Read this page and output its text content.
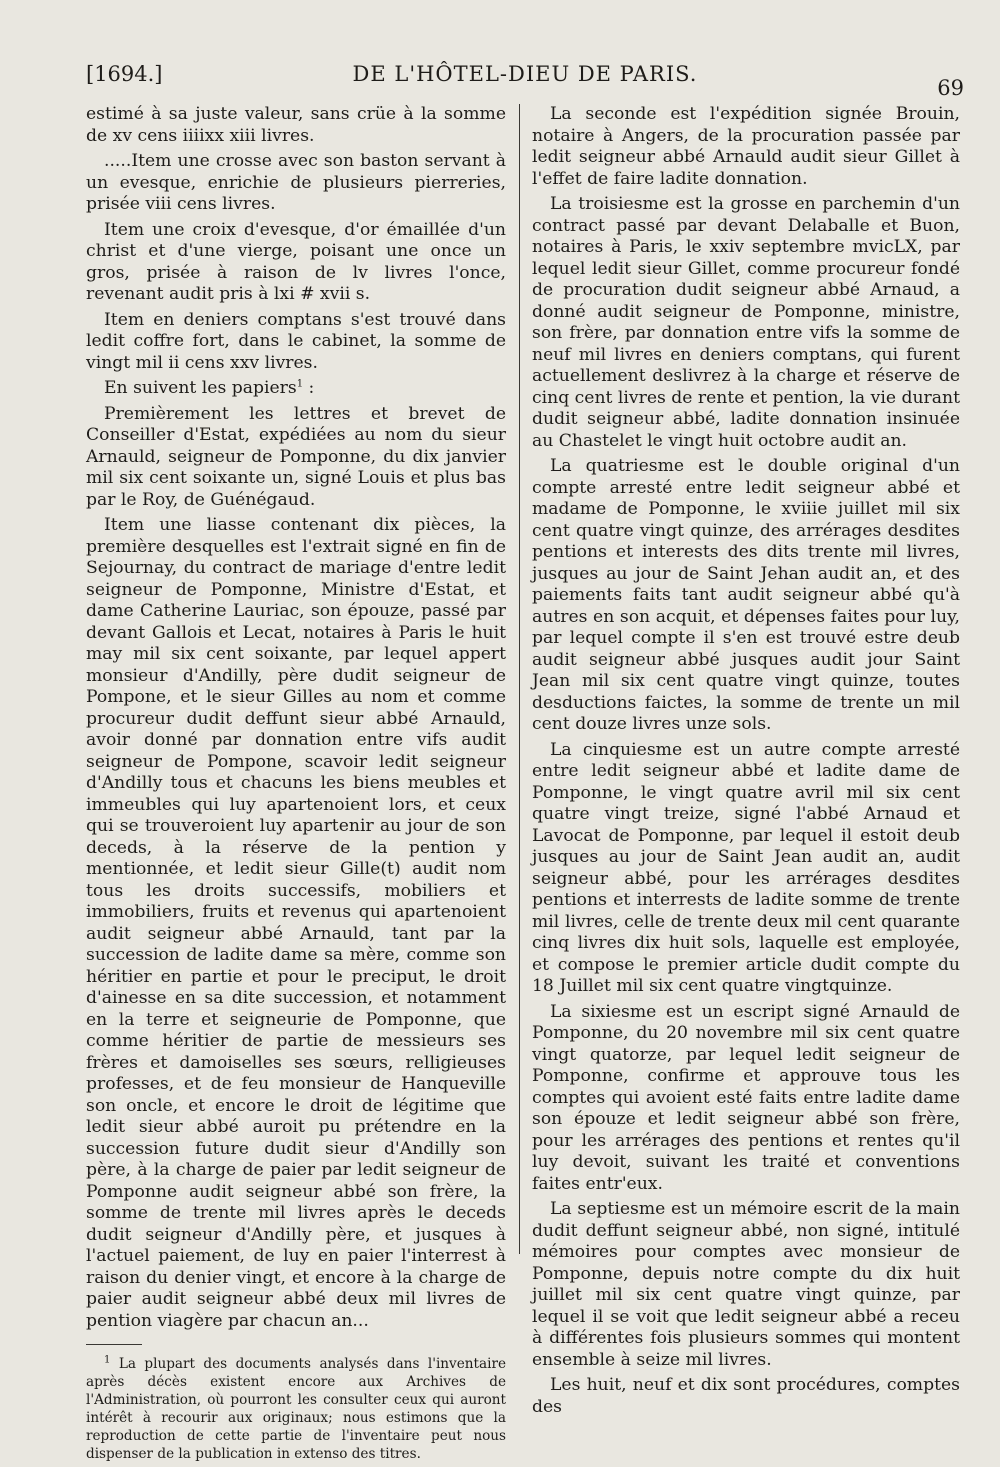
[1694.]	DE L'HÔTEL-DIEU DE PARIS.
69

estimé à sa juste valeur, sans crüe à la somme de xv cens iiiixx xiii livres.

.....Item une crosse avec son baston servant à un evesque, enrichie de plusieurs pierreries, prisée viii cens livres.

Item une croix d'evesque, d'or émaillée d'un christ et d'une vierge, poisant une once un gros, prisée à raison de lv livres l'once, revenant audit pris à lxi # xvii s.

Item en deniers comptans s'est trouvé dans ledit coffre fort, dans le cabinet, la somme de vingt mil ii cens xxv livres.

En suivent les papiers$^1$ :

Premièrement les lettres et brevet de Conseiller d'Estat, expédiées au nom du sieur Arnauld, seigneur de Pomponne, du dix janvier mil six cent soixante un, signé Louis et plus bas par le Roy, de Guénégaud.

Item une liasse contenant dix pièces, la première desquelles est l'extrait signé en fin de Sejournay, du contract de mariage d'entre ledit seigneur de Pomponne, Ministre d'Estat, et dame Catherine Lauriac, son épouze, passé par devant Gallois et Lecat, notaires à Paris le huit may mil six cent soixante, par lequel appert monsieur d'Andilly, père dudit seigneur de Pompone, et le sieur Gilles au nom et comme procureur dudit deffunt sieur abbé Arnauld, avoir donné par donnation entre vifs audit seigneur de Pompone, scavoir ledit seigneur d'Andilly tous et chacuns les biens meubles et immeubles qui luy apartenoient lors, et ceux qui se trouveroient luy apartenir au jour de son deceds, à la réserve de la pention y mentionnée, et ledit sieur Gille(t) audit nom tous les droits successifs, mobiliers et immobiliers, fruits et revenus qui apartenoient audit seigneur abbé Arnauld, tant par la succession de ladite dame sa mère, comme son héritier en partie et pour le preciput, le droit d'ainesse en sa dite succession, et notamment en la terre et seigneurie de Pomponne, que comme héritier de partie de messieurs ses frères et damoiselles ses sœurs, relligieuses professes, et de feu monsieur de Hanqueville son oncle, et encore le droit de légitime que ledit sieur abbé auroit pu prétendre en la succession future dudit sieur d'Andilly son père, à la charge de paier par ledit seigneur de Pomponne audit seigneur abbé son frère, la somme de trente mil livres après le deceds dudit seigneur d'Andilly père, et jusques à l'actuel paiement, de luy en paier l'interrest à raison du denier vingt, et encore à la charge de paier audit seigneur abbé deux mil livres de pention viagère par chacun an...

$^1$ La plupart des documents analysés dans l'inventaire après décès existent encore aux Archives de l'Administration, où pourront les consulter ceux qui auront intérêt à recourir aux originaux; nous estimons que la reproduction de cette partie de l'inventaire peut nous dispenser de la publication in extenso des titres.

La seconde est l'expédition signée Brouin, notaire à Angers, de la procuration passée par ledit seigneur abbé Arnauld audit sieur Gillet à l'effet de faire ladite donnation.

La troisiesme est la grosse en parchemin d'un contract passé par devant Delaballe et Buon, notaires à Paris, le xxiv septembre mvicLX, par lequel ledit sieur Gillet, comme procureur fondé de procuration dudit seigneur abbé Arnaud, a donné audit seigneur de Pomponne, ministre, son frère, par donnation entre vifs la somme de neuf mil livres en deniers comptans, qui furent actuellement deslivrez à la charge et réserve de cinq cent livres de rente et pention, la vie durant dudit seigneur abbé, ladite donnation insinuée au Chastelet le vingt huit octobre audit an.

La quatriesme est le double original d'un compte arresté entre ledit seigneur abbé et madame de Pomponne, le xviiie juillet mil six cent quatre vingt quinze, des arrérages desdites pentions et interests des dits trente mil livres, jusques au jour de Saint Jehan audit an, et des paiements faits tant audit seigneur abbé qu'à autres en son acquit, et dépenses faites pour luy, par lequel compte il s'en est trouvé estre deub audit seigneur abbé jusques audit jour Saint Jean mil six cent quatre vingt quinze, toutes desductions faictes, la somme de trente un mil cent douze livres unze sols.

La cinquiesme est un autre compte arresté entre ledit seigneur abbé et ladite dame de Pomponne, le vingt quatre avril mil six cent quatre vingt treize, signé l'abbé Arnaud et Lavocat de Pomponne, par lequel il estoit deub jusques au jour de Saint Jean audit an, audit seigneur abbé, pour les arrérages desdites pentions et interrests de ladite somme de trente mil livres, celle de trente deux mil cent quarante cinq livres dix huit sols, laquelle est employée, et compose le premier article dudit compte du 18 Juillet mil six cent quatre vingtquinze.

La sixiesme est un escript signé Arnauld de Pomponne, du 20 novembre mil six cent quatre vingt quatorze, par lequel ledit seigneur de Pomponne, confirme et approuve tous les comptes qui avoient esté faits entre ladite dame son épouze et ledit seigneur abbé son frère, pour les arrérages des pentions et rentes qu'il luy devoit, suivant les traité et conventions faites entr'eux.

La septiesme est un mémoire escrit de la main dudit deffunt seigneur abbé, non signé, intitulé mémoires pour comptes avec monsieur de Pomponne, depuis notre compte du dix huit juillet mil six cent quatre vingt quinze, par lequel il se voit que ledit seigneur abbé a receu à différentes fois plusieurs sommes qui montent ensemble à seize mil livres.

Les huit, neuf et dix sont procédures, comptes des
